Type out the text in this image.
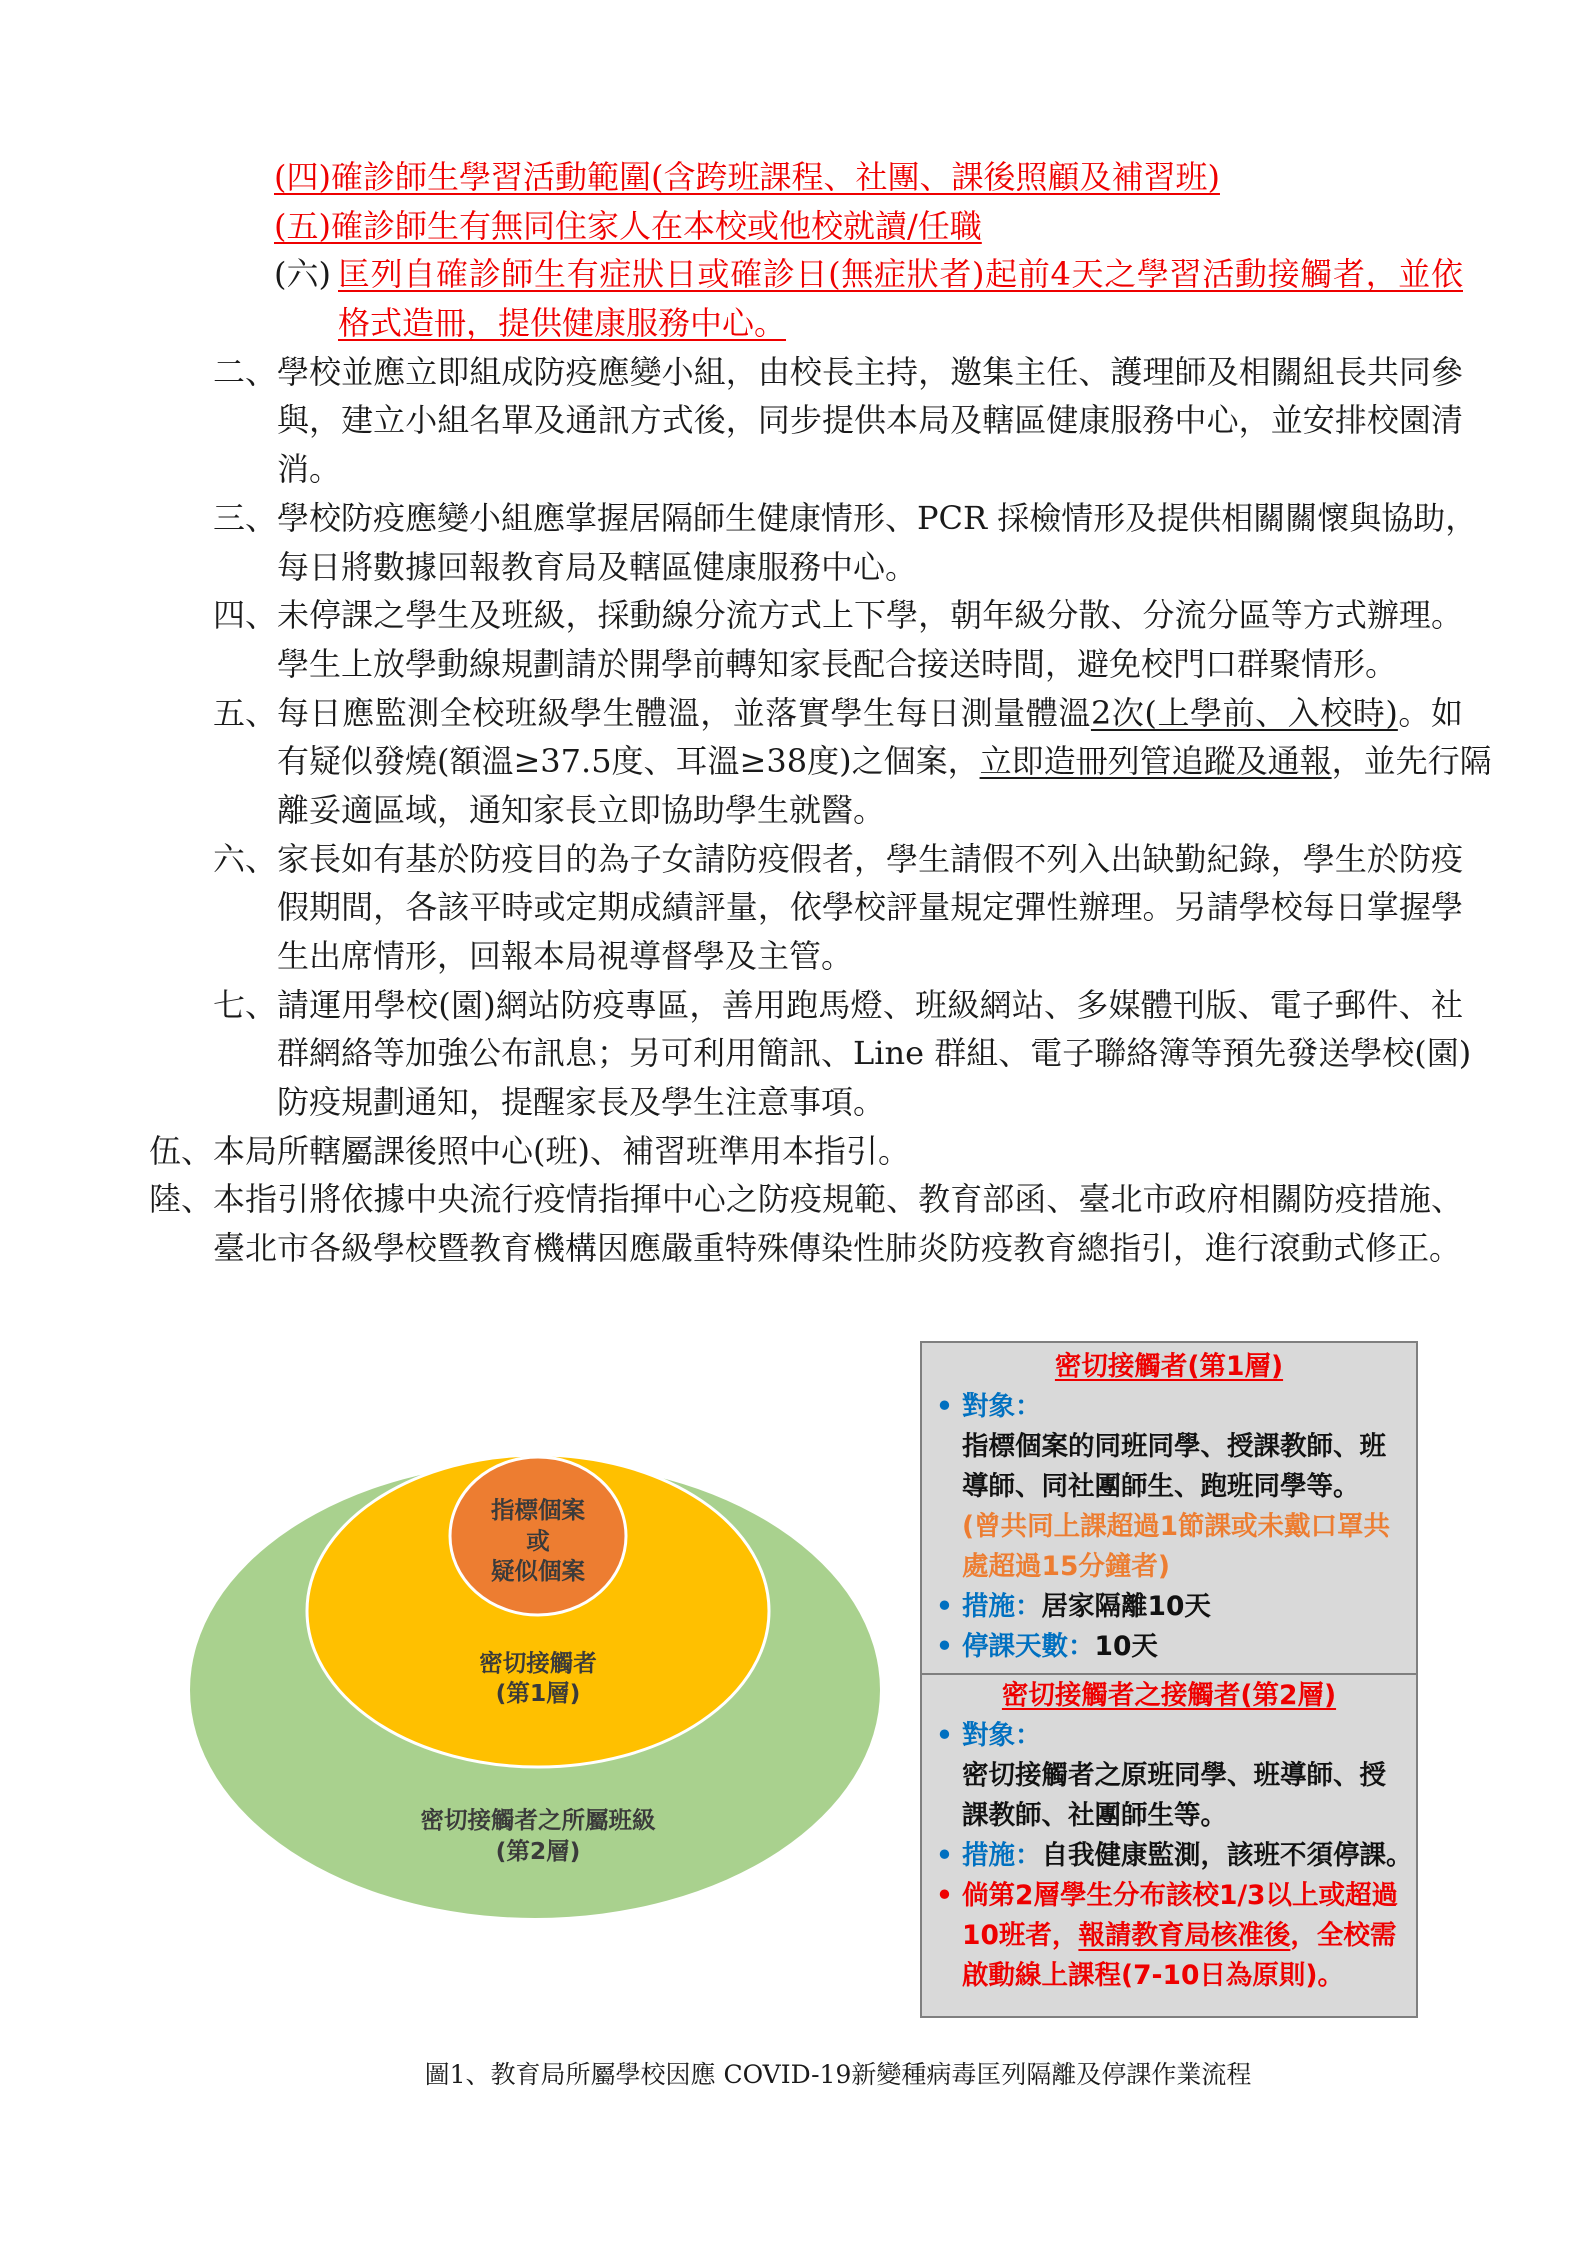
(四)確診師生學習活動範圍(含跨班課程、社團、課後照顧及補習班)
(五)確診師生有無同住家人在本校或他校就讀/任職
(六) 匡列自確診師生有症狀日或確診日(無症狀者)起前4天之學習活動接觸者，並依
格式造冊，提供健康服務中心。
二、 學校並應立即組成防疫應變小組，由校長主持，邀集主任、護理師及相關組長共同參
與，建立小組名單及通訊方式後，同步提供本局及轄區健康服務中心，並安排校園清
消。
三、 學校防疫應變小組應掌握居隔師生健康情形、PCR 採檢情形及提供相關關懷與協助，
每日將數據回報教育局及轄區健康服務中心。
四、 未停課之學生及班級，採動線分流方式上下學，朝年級分散、分流分區等方式辦理。
學生上放學動線規劃請於開學前轉知家長配合接送時間，避免校門口群聚情形。
五、 每日應監測全校班級學生體溫，並落實學生每日測量體溫2次(上學前、入校時)。如
有疑似發燒(額溫≥37.5度、耳溫≥38度)之個案，立即造冊列管追蹤及通報，並先行隔
離妥適區域，通知家長立即協助學生就醫。
六、 家長如有基於防疫目的為子女請防疫假者，學生請假不列入出缺勤紀錄，學生於防疫
假期間，各該平時或定期成績評量，依學校評量規定彈性辦理。另請學校每日掌握學
生出席情形，回報本局視導督學及主管。
七、 請運用學校(園)網站防疫專區，善用跑馬燈、班級網站、多媒體刊版、電子郵件、社
群網絡等加強公布訊息；另可利用簡訊、Line 群組、電子聯絡簿等預先發送學校(園)
防疫規劃通知，提醒家長及學生注意事項。
伍、 本局所轄屬課後照中心(班)、補習班準用本指引。
陸、 本指引將依據中央流行疫情指揮中心之防疫規範、教育部函、臺北市政府相關防疫措施、
臺北市各級學校暨教育機構因應嚴重特殊傳染性肺炎防疫教育總指引，進行滾動式修正。
指標個案
或
疑似個案
密切接觸者
(第1層)
密切接觸者之所屬班級
(第2層)
密切接觸者(第1層)
•對象：
指標個案的同班同學、授課教師、班
導師、同社團師生、跑班同學等。
(曾共同上課超過1節課或未戴口罩共
處超過15分鐘者)
•措施：居家隔離10天
•停課天數：10天
密切接觸者之接觸者(第2層)
•對象：
密切接觸者之原班同學、班導師、授
課教師、社團師生等。
•措施：自我健康監測，該班不須停課。
•倘第2層學生分布該校1/3以上或超過
10班者，報請教育局核准後，全校需
啟動線上課程(7-10日為原則)。
圖1、教育局所屬學校因應 COVID-19新變種病毒匡列隔離及停課作業流程
